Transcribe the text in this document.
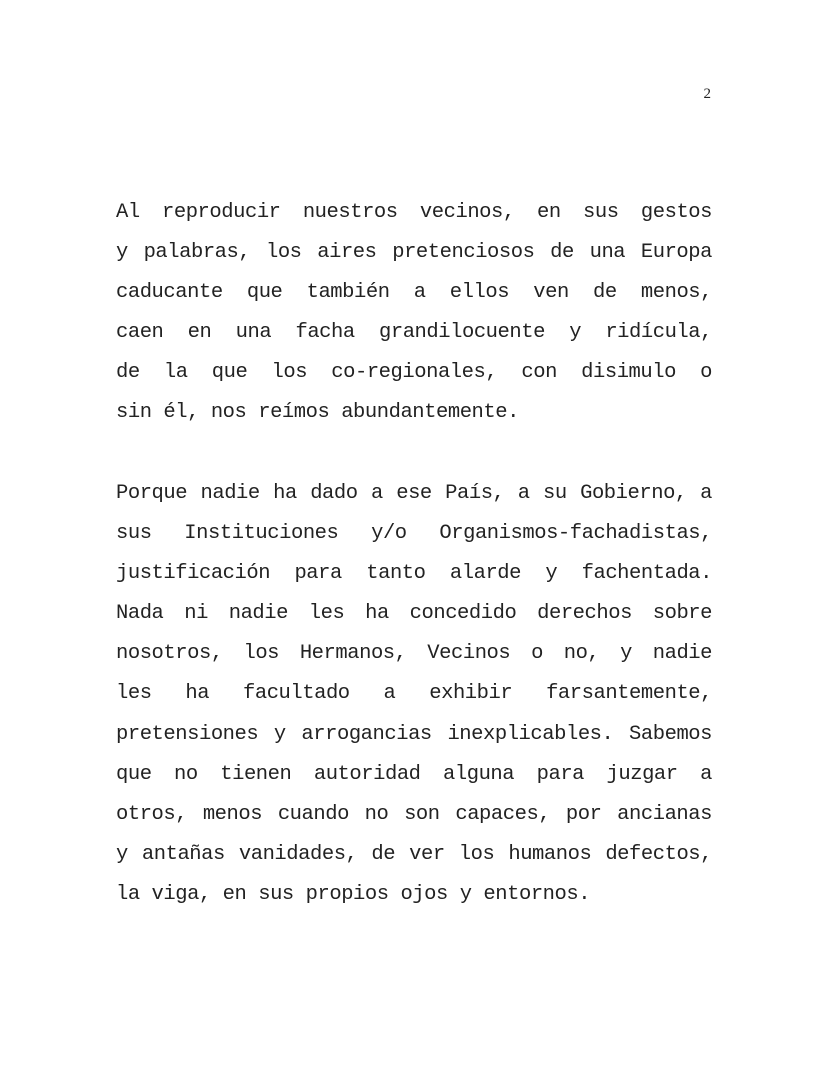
2
Al reproducir nuestros vecinos, en sus gestos
y palabras, los aires pretenciosos de una Europa
caducante que también a ellos ven de menos,
caen en una facha grandilocuente y ridícula,
de la que los co-regionales, con disimulo o
sin él, nos reímos abundantemente.
Porque nadie ha dado a ese País, a su Gobierno, a
sus Instituciones y/o Organismos-fachadistas,
justificación para tanto alarde y fachentada.
Nada ni nadie les ha concedido derechos sobre
nosotros, los Hermanos, Vecinos o no, y nadie
les ha facultado a exhibir farsantemente,
pretensiones y arrogancias inexplicables. Sabemos
que no tienen autoridad alguna para juzgar a
otros, menos cuando no son capaces, por ancianas
y antañas vanidades, de ver los humanos defectos,
la viga, en sus propios ojos y entornos.
